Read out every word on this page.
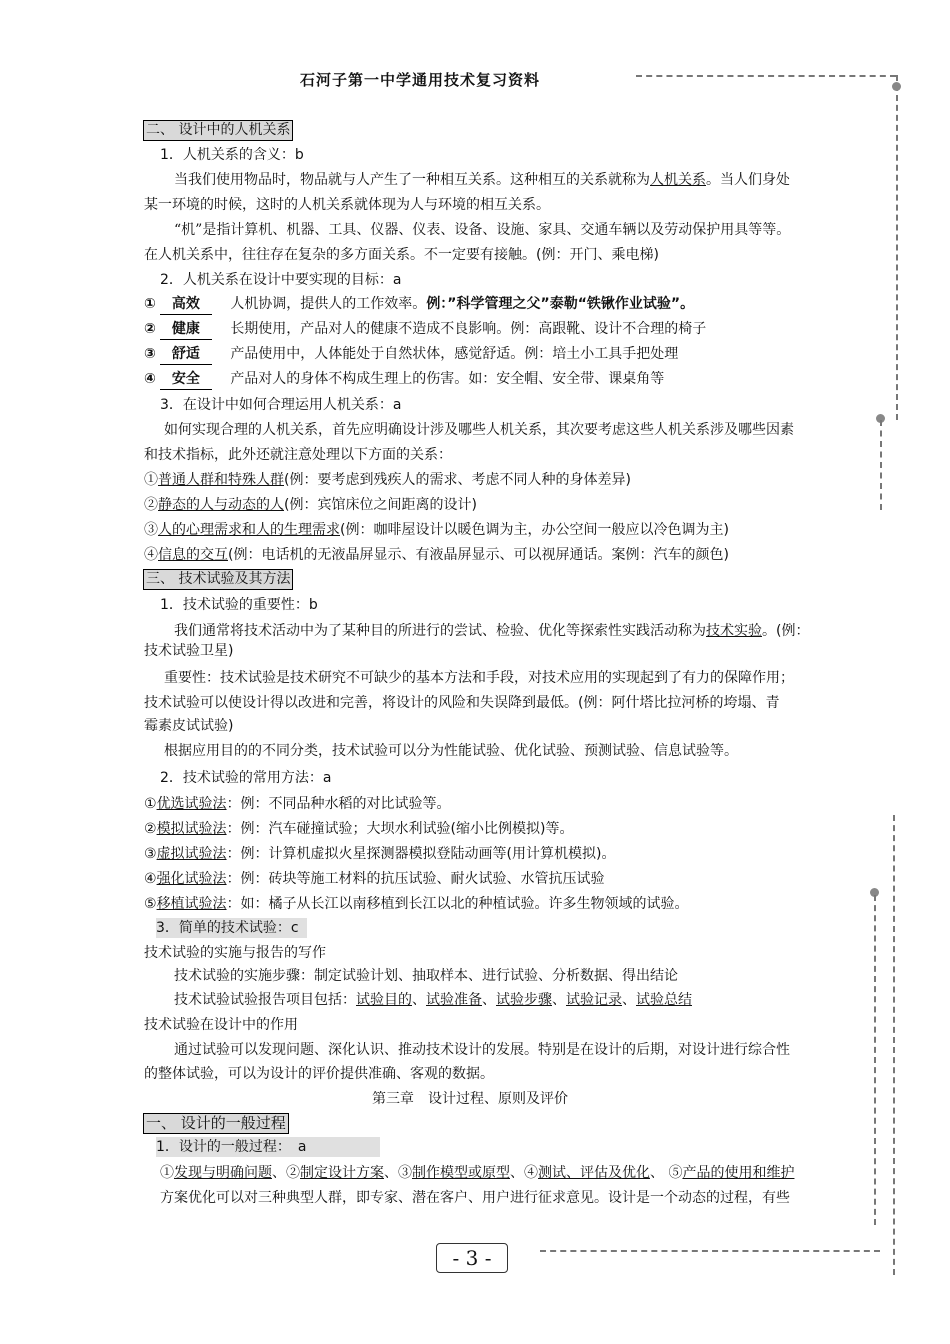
石河子第一中学通用技术复习资料
二、 设计中的人机关系
1．人机关系的含义：b
当我们使用物品时，物品就与人产生了一种相互关系。这种相互的关系就称为人机关系。当人们身处
某一环境的时候，这时的人机关系就体现为人与环境的相互关系。
“机”是指计算机、机器、工具、仪器、仪表、设备、设施、家具、交通车辆以及劳动保护用具等等。
在人机关系中，往往存在复杂的多方面关系。不一定要有接触。(例：开门、乘电梯)
2．人机关系在设计中要实现的目标：a
① 高效 人机协调，提供人的工作效率。例：”科学管理之父”泰勒“铁锹作业试验”。
② 健康 长期使用，产品对人的健康不造成不良影响。例：高跟靴、设计不合理的椅子
③ 舒适 产品使用中，人体能处于自然状体，感觉舒适。例：培土小工具手把处理
④ 安全 产品对人的身体不构成生理上的伤害。如：安全帽、安全带、课桌角等
3．在设计中如何合理运用人机关系：a
如何实现合理的人机关系，首先应明确设计涉及哪些人机关系，其次要考虑这些人机关系涉及哪些因素
和技术指标，此外还就注意处理以下方面的关系：
①普通人群和特殊人群(例：要考虑到残疾人的需求、考虑不同人种的身体差异)
②静态的人与动态的人(例：宾馆床位之间距离的设计)
③人的心理需求和人的生理需求(例：咖啡屋设计以暖色调为主，办公空间一般应以冷色调为主)
④信息的交互(例：电话机的无液晶屏显示、有液晶屏显示、可以视屏通话。案例：汽车的颜色)
三、 技术试验及其方法
1．技术试验的重要性：b
我们通常将技术活动中为了某种目的所进行的尝试、检验、优化等探索性实践活动称为技术实验。(例：
技术试验卫星)
重要性：技术试验是技术研究不可缺少的基本方法和手段，对技术应用的实现起到了有力的保障作用；
技术试验可以使设计得以改进和完善，将设计的风险和失误降到最低。(例：阿什塔比拉河桥的垮塌、青
霉素皮试试验)
根据应用目的的不同分类，技术试验可以分为性能试验、优化试验、预测试验、信息试验等。
2．技术试验的常用方法：a
①优选试验法：例：不同品种水稻的对比试验等。
②模拟试验法：例：汽车碰撞试验；大坝水利试验(缩小比例模拟)等。
③虚拟试验法：例：计算机虚拟火星探测器模拟登陆动画等(用计算机模拟)。
④强化试验法：例：砖块等施工材料的抗压试验、耐火试验、水管抗压试验
⑤移植试验法：如：橘子从长江以南移植到长江以北的种植试验。许多生物领域的试验。
3．简单的技术试验：c
技术试验的实施与报告的写作
技术试验的实施步骤：制定试验计划、抽取样本、进行试验、分析数据、得出结论
技术试验试验报告项目包括：试验目的、试验准备、试验步骤、试验记录、试验总结
技术试验在设计中的作用
通过试验可以发现问题、深化认识、推动技术设计的发展。特别是在设计的后期，对设计进行综合性
的整体试验，可以为设计的评价提供准确、客观的数据。
第三章　设计过程、原则及评价
一、 设计的一般过程
1．设计的一般过程：　a
①发现与明确问题、②制定设计方案、③制作模型或原型、④测试、评估及优化、 ⑤产品的使用和维护
方案优化可以对三种典型人群，即专家、潜在客户、用户进行征求意见。设计是一个动态的过程，有些
- 3 -
